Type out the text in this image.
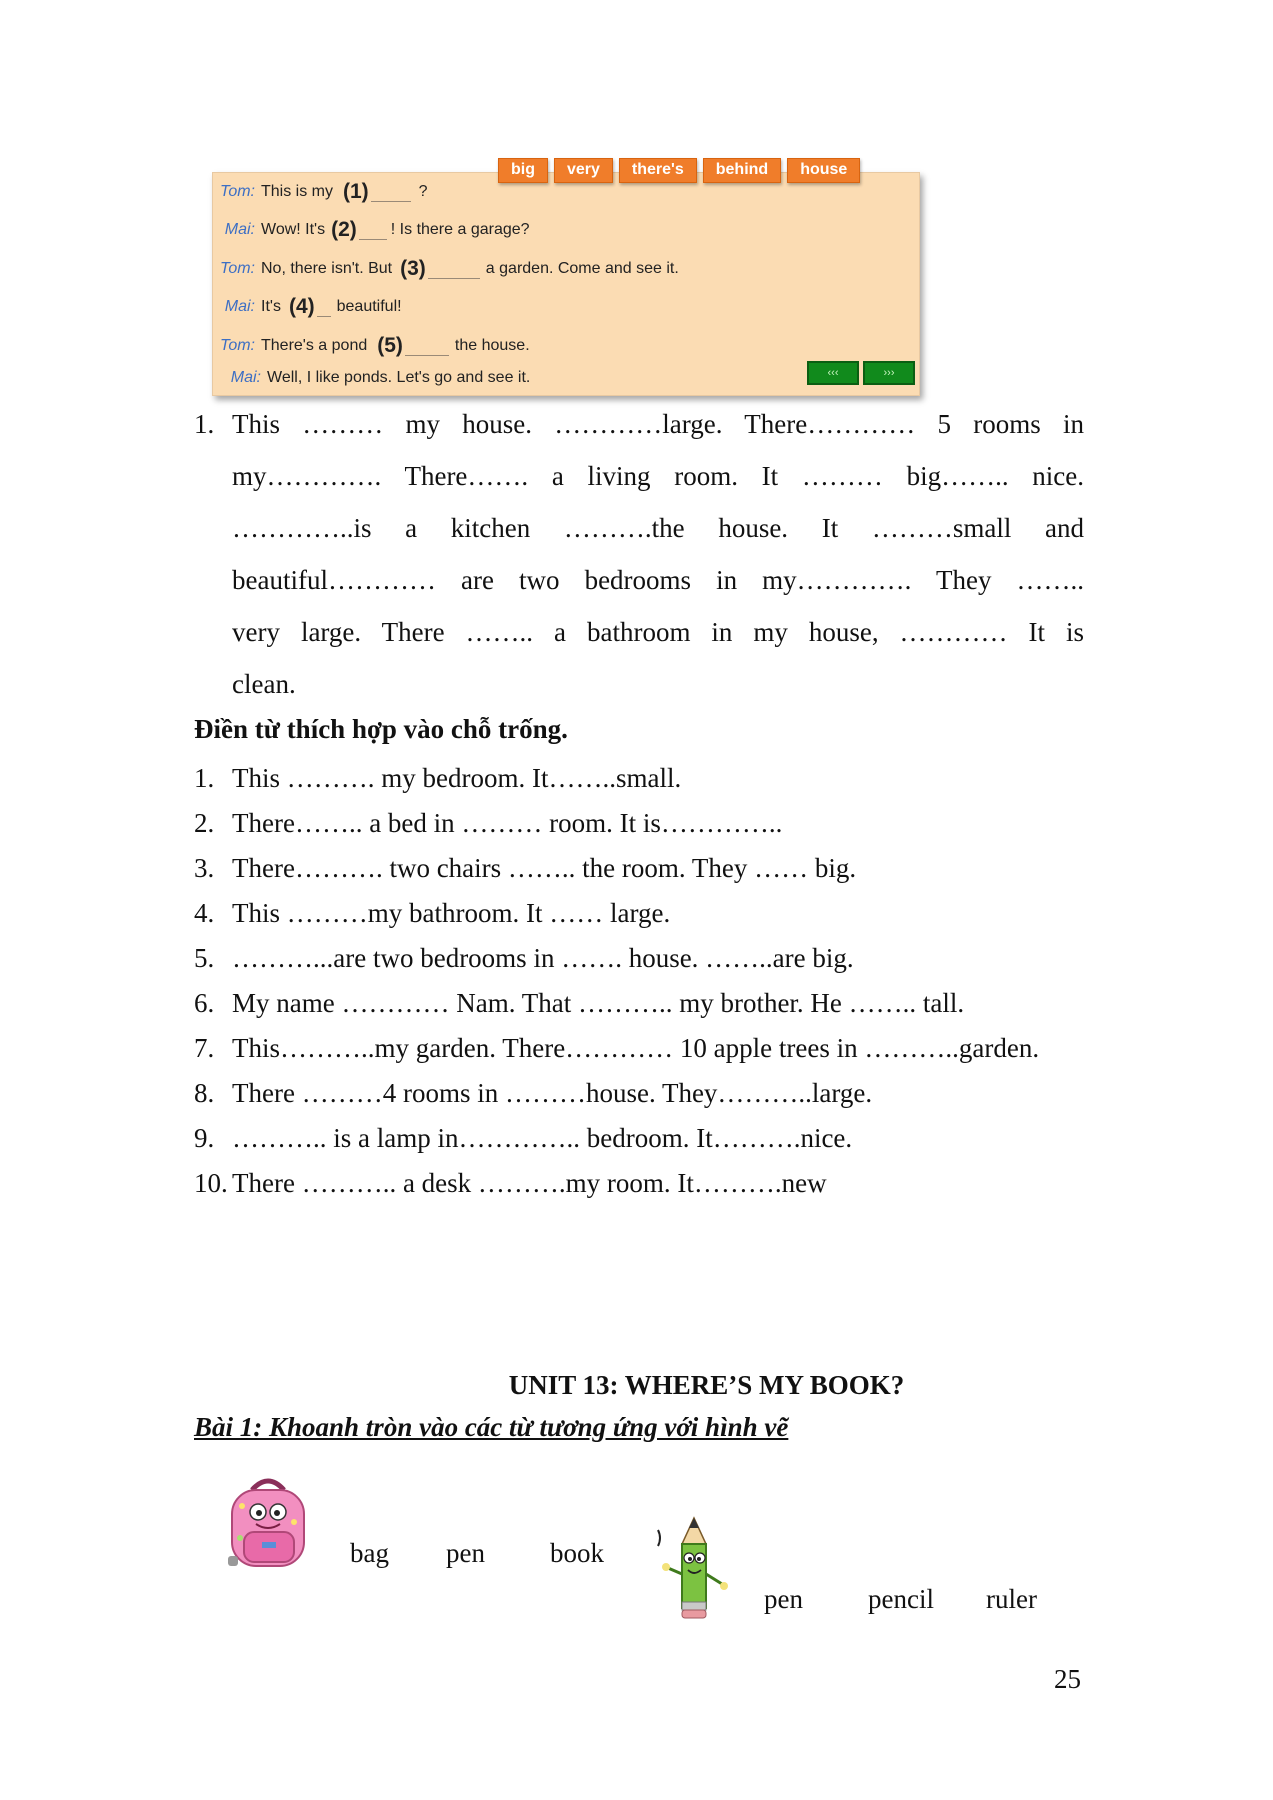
Tom: This is my (1)	?
Mai: Wow! It's (2) ! Is there a garage?
Tom: No, there isn't. But (3)	a garden. Come and see it.
Mai: It's (4) beautiful!
Tom: There's a pond (5)	the house.
Mai: Well, I like ponds. Let's go and see it.	‹‹‹	›››
big	very	there's	behind	house
1. This ……… my house. …………large. There………… 5 rooms in
my…………. There……. a living room. It ……… big…….. nice.
…………..is a kitchen ……….the house. It ………small and
beautiful………… are two bedrooms in my…………. They ……..
very large. There …….. a bathroom in my house, ………… It is
clean.
Điền từ thích hợp vào chỗ trống.
1. This ………. my bedroom. It……..small.
2. There…….. a bed in ……… room. It is…………..
3. There………. two chairs …….. the room. They …… big.
4. This ………my bathroom. It …… large.
5. ………...are two bedrooms in ……. house. ……..are big.
6. My name ………… Nam. That ……….. my brother. He …….. tall.
7. This………..my garden. There………… 10 apple trees in ………..garden.
8. There ………4 rooms in ………house. They………..large.
9. ……….. is a lamp in………….. bedroom. It……….nice.
10. There ……….. a desk ……….my room. It……….new
UNIT 13: WHERE’S MY BOOK?
Bài 1: Khoanh tròn vào các từ tương ứng với hình vẽ
bag pen book
pen pencil ruler
25
